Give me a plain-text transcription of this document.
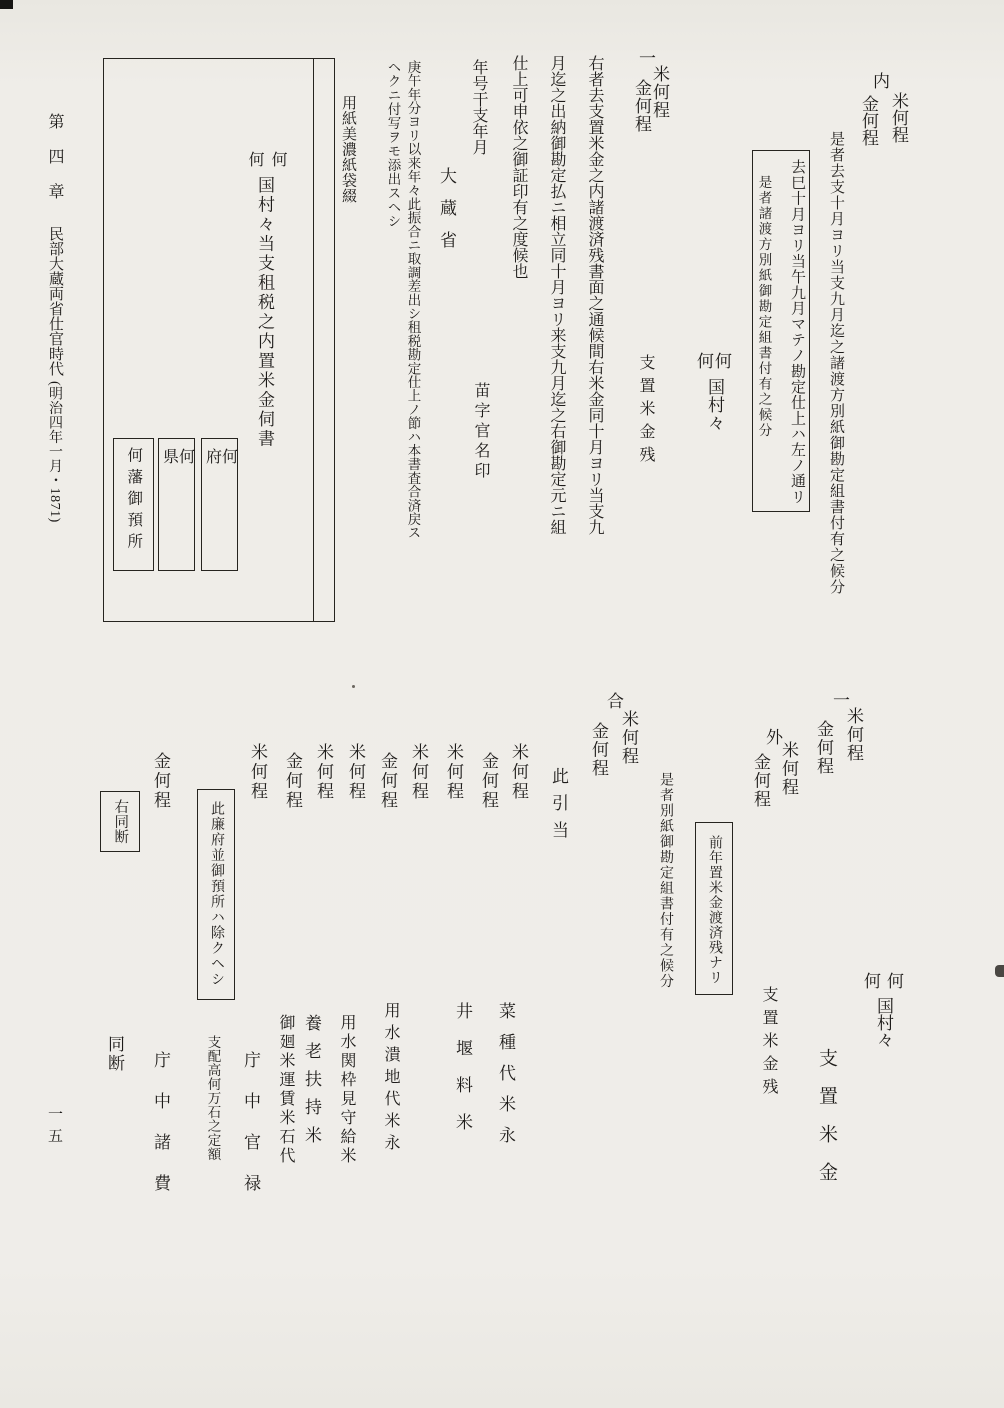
内
米何程
金何程
是者去支十月ヨリ当支九月迄之諸渡方別紙御勘定組書付有之候分
去巳十月ヨリ当午九月マテノ勘定仕上ハ左ノ通リ
是者諸渡方別紙御勘定組書付有之候分
何
何
国村々
支置米金残
一
米何程
金何程
右者去支置米金之内諸渡済残書面之通候間右米金同十月ヨリ当支九
月迄之出納御勘定払ニ相立同十月ヨリ来支九月迄之右御勘定元ニ組
仕上可申依之御証印有之度候也
年号干支年月
大蔵省
苗字官名印
庚午年分ヨリ以来年々此振合ニ取調差出シ租税勘定仕上ノ節ハ本書査合済戻ス
ヘクニ付写ヲモ添出スヘシ
用紙美濃紙袋綴
何
何
国村々当支租税之内置米金伺書
何府
何県
何藩御預所
第四章
民部大蔵両省仕官時代
(明治四年一月・1871)
一
米何程
金何程
外
米何程
金何程
前年置米金渡済残ナリ
是者別紙御勘定組書付有之候分
合
米何程
金何程
此引当
何
何
国村々
支置米金
支置米金残
米何程
金何程
米何程
米何程
金何程
米何程
米何程
金何程
米何程
金何程
此廉府並御預所ハ除クヘシ
右同断
菜種代米永
井堰料米
用水潰地代米永
用水関枠見守給米
養老扶持米
御廻米運賃米石代
庁中官禄
支配高何万石之定額
庁中諸費
同断
一五
